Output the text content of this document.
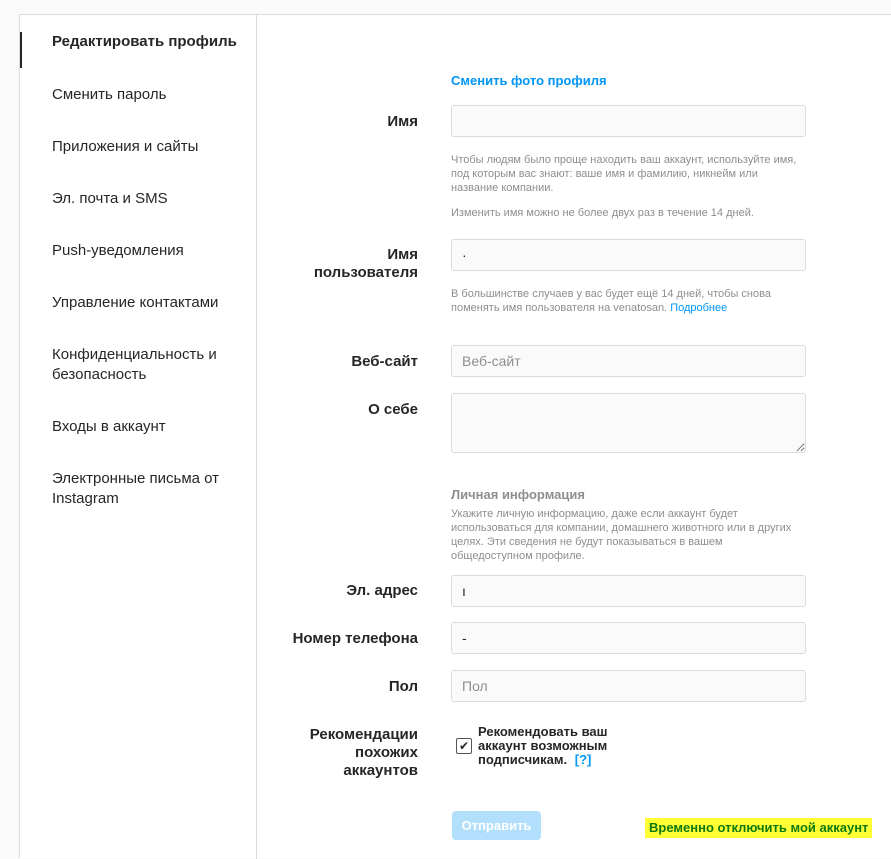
Редактировать профиль
Сменить пароль
Приложения и сайты
Эл. почта и SMS
Push-уведомления
Управление контактами
Конфиденциальность и безопасность
Входы в аккаунт
Электронные письма от Instagram
Сменить фото профиля
Имя
Чтобы людям было проще находить ваш аккаунт, используйте имя, под которым вас знают: ваше имя и фамилию, никнейм или название компании.
Изменить имя можно не более двух раз в течение 14 дней.
Имя пользователя
·
В большинстве случаев у вас будет ещё 14 дней, чтобы снова поменять имя пользователя на venatosan. Подробнее
Веб-сайт
Веб-сайт
О себе
Личная информация
Укажите личную информацию, даже если аккаунт будет использоваться для компании, домашнего животного или в других целях. Эти сведения не будут показываться в вашем общедоступном профиле.
Эл. адрес
ı
Номер телефона
-
Пол
Пол
Рекомендации похожих аккаунтов
✔
Рекомендовать ваш аккаунт возможным подписчикам. [?]
Отправить	Временно отключить мой аккаунт
